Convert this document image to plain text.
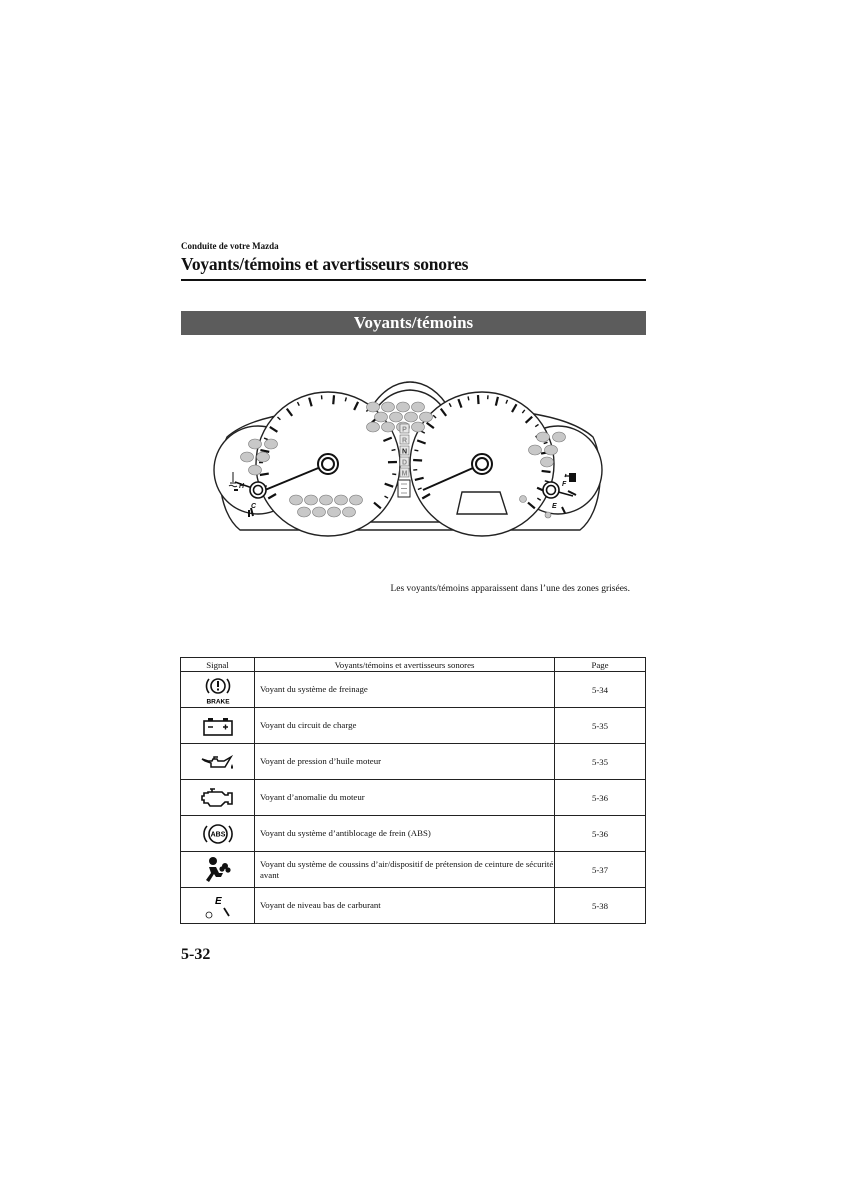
Conduite de votre Mazda
Voyants/témoins et avertisseurs sonores
Voyants/témoins
P
R
N
D
M
H
C
F
E
Les voyants/témoins apparaissent dans l’une des zones grisées.
Signal	Voyants/témoins et avertisseurs sonores	Page

BRAKE	Voyant du système de freinage	5-34

	Voyant du circuit de charge	5-35

	Voyant de pression d’huile moteur	5-35

	Voyant d’anomalie du moteur	5-36

ABS	Voyant du système d’antiblocage de frein (ABS)	5-36

	Voyant du système de coussins d’air/dispositif de prétension de ceinture de sécurité avant	5-37

E	Voyant de niveau bas de carburant	5-38
5-32
